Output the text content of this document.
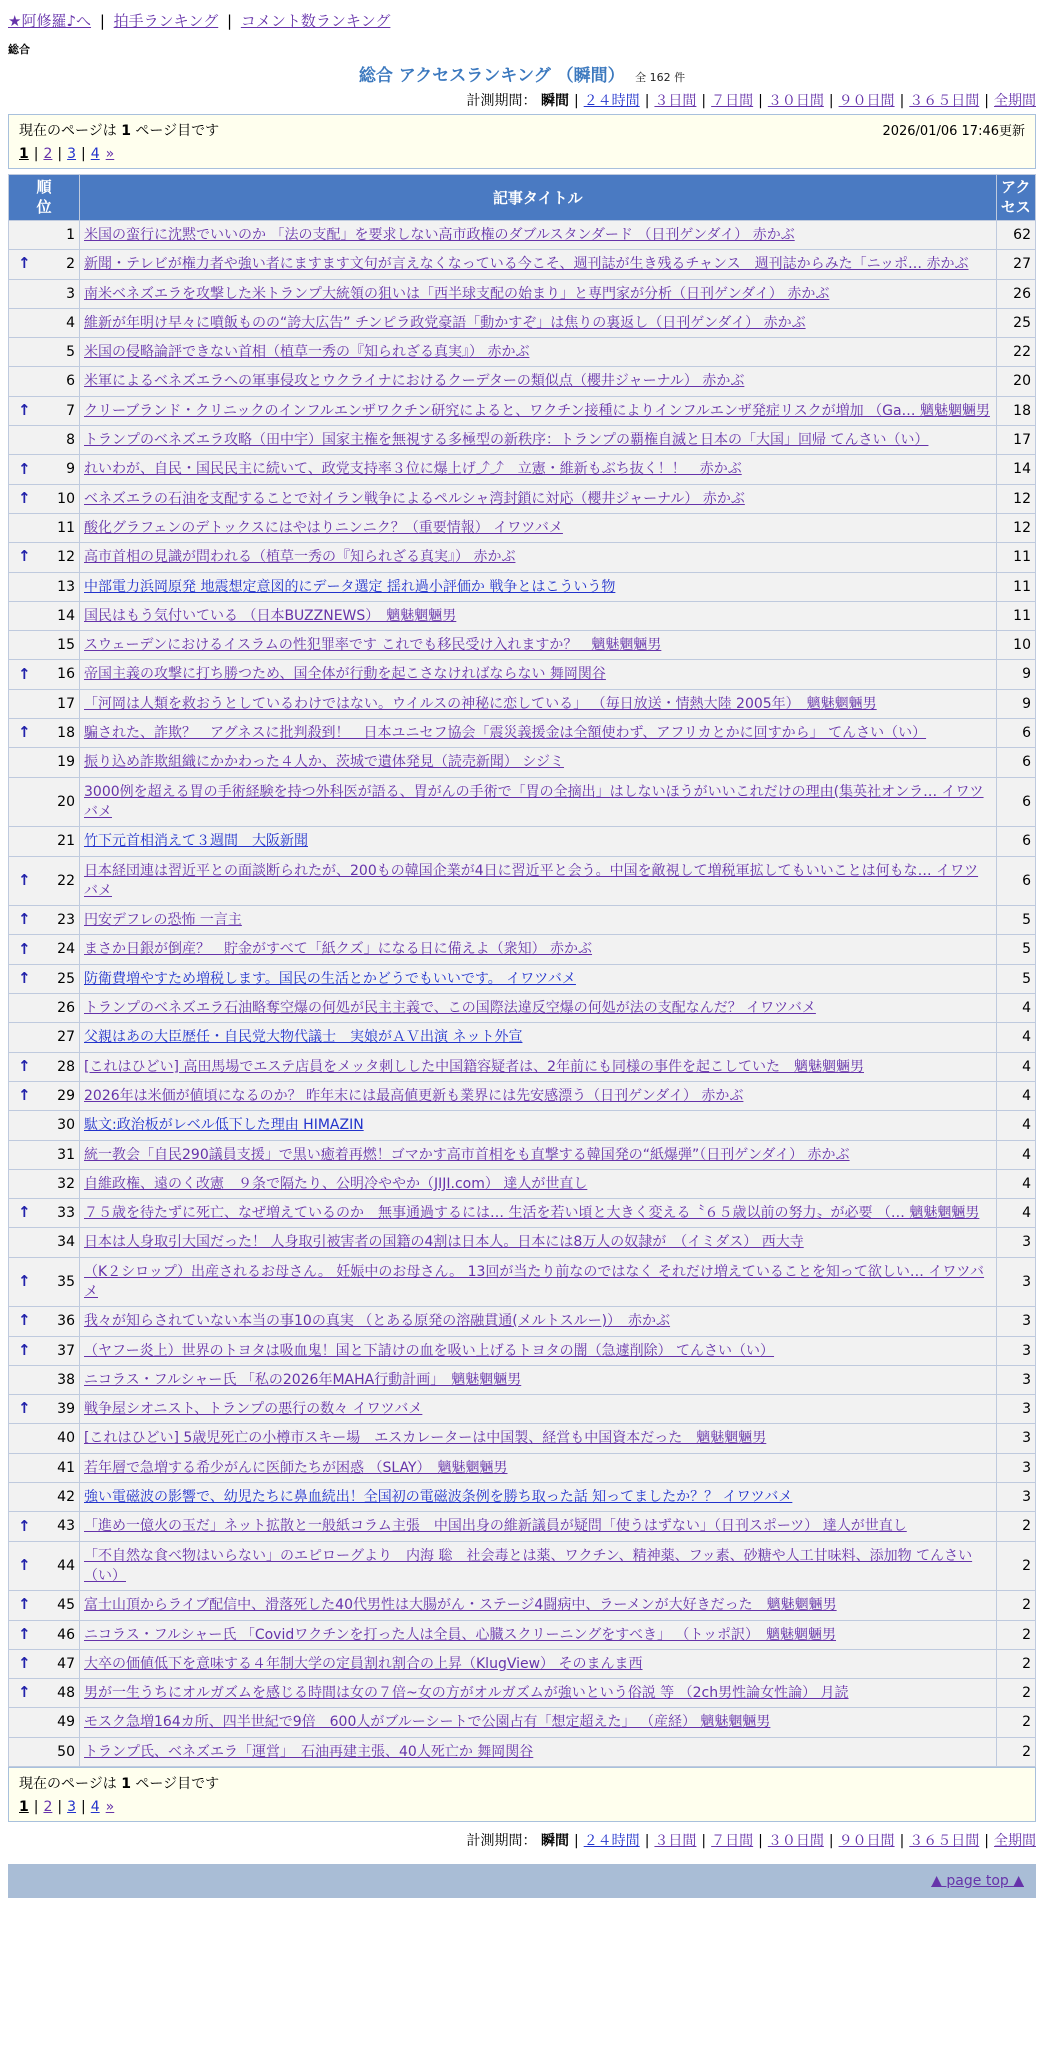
★阿修羅♪へ | 拍手ランキング | コメント数ランキング
総合
総合 アクセスランキング （瞬間） 全 162 件
計測期間： 瞬間 | ２４時間 | ３日間 | ７日間 | ３０日間 | ９０日間 | ３６５日間 | 全期間
2026/01/06 17:46更新
現在のページは 1 ページ目です
1 | 2 | 3 | 4 »
順位	記事タイトル	アクセス
1	米国の蛮行に沈黙でいいのか 「法の支配」を要求しない高市政権のダブルスタンダード （日刊ゲンダイ） 赤かぶ	62

↑ 2	新聞・テレビが権力者や強い者にますます文句が言えなくなっている今こそ、週刊誌が生き残るチャンス　週刊誌からみた「ニッポ… 赤かぶ	27
3	南米ベネズエラを攻撃した米トランプ大統領の狙いは「西半球支配の始まり」と専門家が分析（日刊ゲンダイ） 赤かぶ	26
4	維新が年明け早々に噴飯ものの“誇大広告” チンピラ政党豪語「動かすぞ」は焦りの裏返し（日刊ゲンダイ） 赤かぶ	25
5	米国の侵略論評できない首相（植草一秀の『知られざる真実』） 赤かぶ	22
6	米軍によるベネズエラへの軍事侵攻とウクライナにおけるクーデターの類似点（櫻井ジャーナル） 赤かぶ	20

↑ 7	クリーブランド・クリニックのインフルエンザワクチン研究によると、ワクチン接種によりインフルエンザ発症リスクが増加 （Ga… 魑魅魍魎男	18
8	トランプのベネズエラ攻略（田中宇）国家主権を無視する多極型の新秩序：トランプの覇権自滅と日本の「大国」回帰 てんさい（い）	17

↑ 9	れいわが、自民・国民民主に続いて、政党支持率３位に爆上げ⤴⤴　立憲・維新もぶち抜く！！　赤かぶ	14

↑ 10	ベネズエラの石油を支配することで対イラン戦争によるペルシャ湾封鎖に対応（櫻井ジャーナル） 赤かぶ	12
11	酸化グラフェンのデトックスにはやはりニンニク？（重要情報） イワツバメ	12

↑ 12	高市首相の見識が問われる（植草一秀の『知られざる真実』） 赤かぶ	11
13	中部電力浜岡原発 地震想定意図的にデータ選定 揺れ過小評価か 戦争とはこういう物	11
14	国民はもう気付いている （日本BUZZNEWS）　魑魅魍魎男	11
15	スウェーデンにおけるイスラムの性犯罪率です これでも移民受け入れますか？　魑魅魍魎男	10

↑ 16	帝国主義の攻撃に打ち勝つため、国全体が行動を起こさなければならない 舞岡関谷	9
17	「河岡は人類を救おうとしているわけではない。ウイルスの神秘に恋している」 （毎日放送・情熱大陸 2005年）　魑魅魍魎男	9

↑ 18	騙された、詐欺？　アグネスに批判殺到！　日本ユニセフ協会「震災義援金は全額使わず、アフリカとかに回すから」 てんさい（い）	6
19	振り込め詐欺組織にかかわった４人か、茨城で遺体発見（読売新聞） シジミ	6
20	3000例を超える胃の手術経験を持つ外科医が語る、胃がんの手術で「胃の全摘出」はしないほうがいいこれだけの理由(集英社オンラ… イワツバメ	6
21	竹下元首相消えて３週間　大阪新聞	6

↑ 22	日本経団連は習近平との面談断られたが、200もの韓国企業が4日に習近平と会う。中国を敵視して増税軍拡してもいいことは何もな… イワツバメ	6

↑ 23	円安デフレの恐怖 一言主	5

↑ 24	まさか日銀が倒産？　貯金がすべて「紙クズ」になる日に備えよ（衆知） 赤かぶ	5

↑ 25	防衛費増やすため増税します。国民の生活とかどうでもいいです。 イワツバメ	5
26	トランプのベネズエラ石油略奪空爆の何処が民主主義で、この国際法違反空爆の何処が法の支配なんだ？ イワツバメ	4
27	父親はあの大臣歴任・自民党大物代議士　実娘がＡＶ出演 ネット外宣	4

↑ 28	[これはひどい] 高田馬場でエステ店員をメッタ刺しした中国籍容疑者は、2年前にも同様の事件を起こしていた　魑魅魍魎男	4

↑ 29	2026年は米価が値頃になるのか？ 昨年末には最高値更新も業界には先安感漂う（日刊ゲンダイ） 赤かぶ	4
30	駄文:政治板がレベル低下した理由 HIMAZIN	4
31	統一教会「自民290議員支援」で黒い癒着再燃！ゴマかす高市首相をも直撃する韓国発の“紙爆弾”（日刊ゲンダイ） 赤かぶ	4
32	自維政権、遠のく改憲　９条で隔たり、公明冷ややか（JIJI.com） 達人が世直し	4

↑ 33	７５歳を待たずに死亡、なぜ増えているのか　無事通過するには… 生活を若い頃と大きく変える〝６５歳以前の努力〟が必要 （… 魑魅魍魎男	4
34	日本は人身取引大国だった！ 人身取引被害者の国籍の4割は日本人。日本には8万人の奴隷が　（イミダス） 西大寺	3

↑ 35	（K２シロップ）出産されるお母さん。 妊娠中のお母さん。 13回が当たり前なのではなく それだけ増えていることを知って欲しい… イワツバメ	3

↑ 36	我々が知らされていない本当の事10の真実 （とある原発の溶融貫通(メルトスルー)）　赤かぶ	3

↑ 37	（ヤフー炎上）世界のトヨタは吸血鬼！国と下請けの血を吸い上げるトヨタの闇（急遽削除） てんさい（い）	3
38	ニコラス・フルシャー氏 「私の2026年MAHA行動計画」　魑魅魍魎男	3

↑ 39	戦争屋シオニスト、トランプの悪行の数々 イワツバメ	3
40	[これはひどい] 5歳児死亡の小樽市スキー場　エスカレーターは中国製、経営も中国資本だった　魑魅魍魎男	3
41	若年層で急増する希少がんに医師たちが困惑 （SLAY）　魑魅魍魎男	3
42	強い電磁波の影響で、幼児たちに鼻血続出！全国初の電磁波条例を勝ち取った話 知ってましたか？？ イワツバメ	3

↑ 43	「進め一億火の玉だ」ネット拡散と一般紙コラム主張　中国出身の維新議員が疑問「使うはずない」（日刊スポーツ） 達人が世直し	2

↑ 44	「不自然な食べ物はいらない」のエピローグより　内海 聡　社会毒とは薬、ワクチン、精神薬、フッ素、砂糖や人工甘味料、添加物 てんさい（い）	2

↑ 45	富士山頂からライブ配信中、滑落死した40代男性は大腸がん・ステージ4闘病中、ラーメンが大好きだった　魑魅魍魎男	2

↑ 46	ニコラス・フルシャー氏 「Covidワクチンを打った人は全員、心臓スクリーニングをすべき」 （トッポ訳）　魑魅魍魎男	2

↑ 47	大卒の価値低下を意味する４年制大学の定員割れ割合の上昇（KlugView） そのまんま西	2

↑ 48	男が一生うちにオルガズムを感じる時間は女の７倍~女の方がオルガズムが強いという俗説 等 （2ch男性論女性論） 月読	2
49	モスク急増164カ所、四半世紀で9倍　600人がブルーシートで公園占有「想定超えた」 （産経） 魑魅魍魎男	2
50	トランプ氏、ベネズエラ「運営」　石油再建主張、40人死亡か 舞岡関谷	2
現在のページは 1 ページ目です
1 | 2 | 3 | 4 »
計測期間： 瞬間 | ２４時間 | ３日間 | ７日間 | ３０日間 | ９０日間 | ３６５日間 | 全期間
▲ page top ▲
